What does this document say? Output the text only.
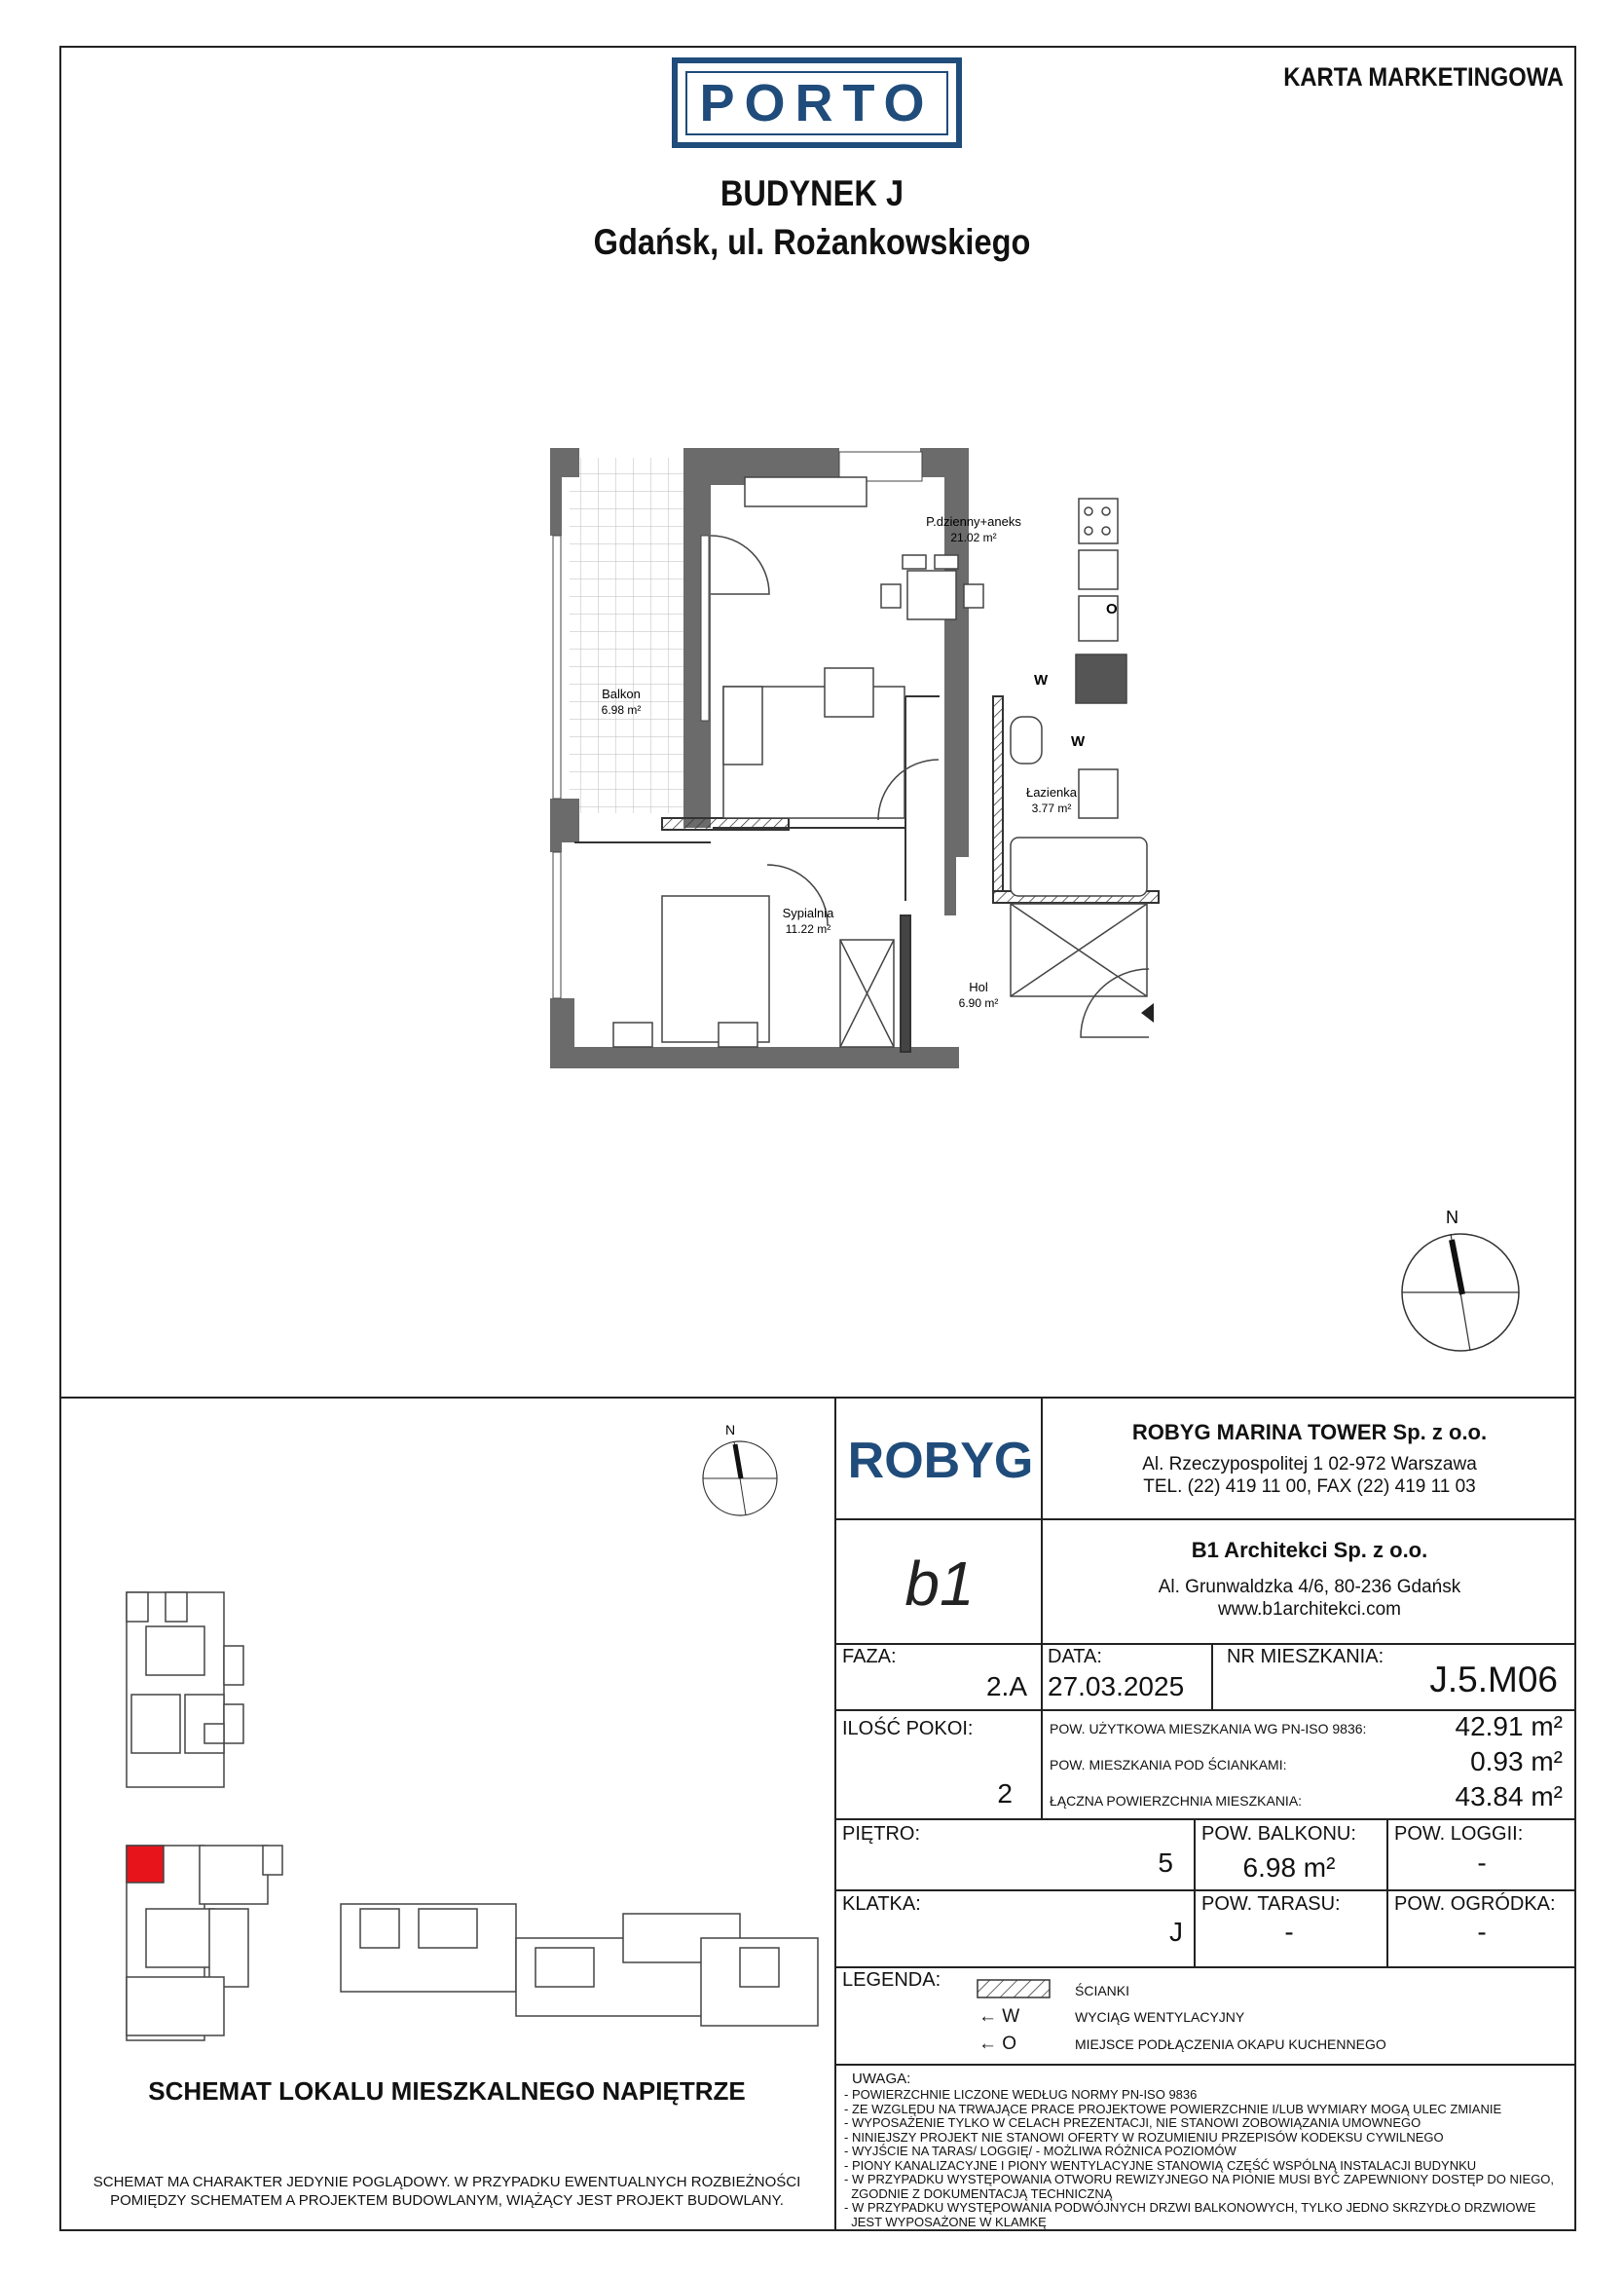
PORTO	KARTA MARKETINGOWA
BUDYNEK J
Gdańsk, ul. Rożankowskiego
P.dzienny+aneks
21.02 m²
Balkon
6.98 m²
Łazienka
3.77 m²
Sypialnia
11.22 m²
Hol
6.90 m²
W
W
O
N
N
SCHEMAT LOKALU MIESZKALNEGO NAPIĘTRZE
SCHEMAT MA CHARAKTER JEDYNIE POGLĄDOWY. W PRZYPADKU EWENTUALNYCH ROZBIEŻNOŚCI
POMIĘDZY SCHEMATEM A PROJEKTEM BUDOWLANYM, WIĄŻĄCY JEST PROJEKT BUDOWLANY.
ROBYG
ROBYG MARINA TOWER Sp. z o.o.
Al. Rzeczypospolitej 1 02-972 Warszawa
TEL. (22) 419 11 00, FAX (22) 419 11 03
b1	B1 Architekci Sp. z o.o.
Al. Grunwaldzka 4/6, 80-236 Gdańsk
www.b1architekci.com
FAZA:
2.A
DATA:
27.03.2025
NR MIESZKANIA:
J.5.M06
ILOŚĆ POKOI:
2
POW. UŻYTKOWA MIESZKANIA WG PN-ISO 9836:	42.91 m²
POW. MIESZKANIA POD ŚCIANKAMI:	0.93 m²
ŁĄCZNA POWIERZCHNIA MIESZKANIA:	43.84 m²
PIĘTRO:
5
POW. BALKONU:
6.98 m²
POW. LOGGII:
-
KLATKA:
J
POW. TARASU:
-
POW. OGRÓDKA:
-
LEGENDA:	ŚCIANKI
← W	WYCIĄG WENTYLACYJNY
← O	MIEJSCE PODŁĄCZENIA OKAPU KUCHENNEGO
UWAGA:
- POWIERZCHNIE LICZONE WEDŁUG NORMY PN-ISO 9836
- ZE WZGLĘDU NA TRWAJĄCE PRACE PROJEKTOWE POWIERZCHNIE I/LUB WYMIARY MOGĄ ULEC ZMIANIE
- WYPOSAŻENIE TYLKO W CELACH PREZENTACJI, NIE STANOWI ZOBOWIĄZANIA UMOWNEGO
- NINIEJSZY PROJEKT NIE STANOWI OFERTY W ROZUMIENIU PRZEPISÓW KODEKSU CYWILNEGO
- WYJŚCIE NA TARAS/ LOGGIĘ/ - MOŻLIWA RÓŻNICA POZIOMÓW
- PIONY KANALIZACYJNE I PIONY WENTYLACYJNE STANOWIĄ CZĘŚĆ WSPÓLNĄ INSTALACJI BUDYNKU
- W PRZYPADKU WYSTĘPOWANIA OTWORU REWIZYJNEGO NA PIONIE MUSI BYĆ ZAPEWNIONY DOSTĘP DO NIEGO,
ZGODNIE Z DOKUMENTACJĄ TECHNICZNĄ
- W PRZYPADKU WYSTĘPOWANIA PODWÓJNYCH DRZWI BALKONOWYCH, TYLKO JEDNO SKRZYDŁO DRZWIOWE
JEST WYPOSAŻONE W KLAMKĘ
